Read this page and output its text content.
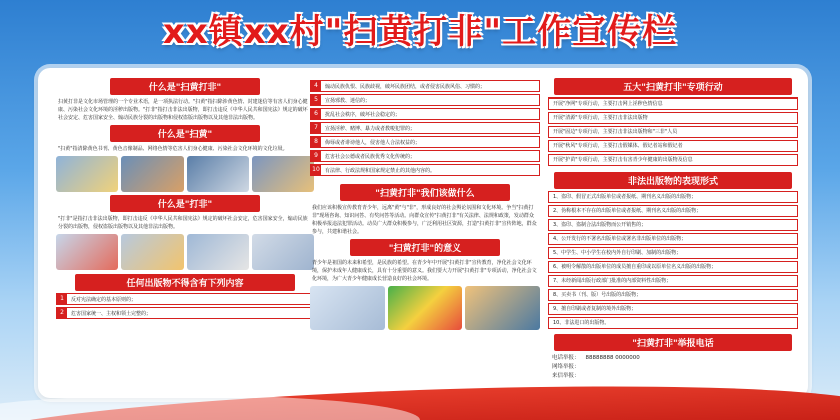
xx镇xx村"扫黄打非"工作宣传栏
什么是"扫黄打非"
扫黄打非是文化市场管理的一个专业术语，是一项执法行动。"扫黄"指扫除涉黄色情、封建迷信等有害人们身心健康、污染社会文化环境的淫秽出版物。"打非"指打击非法出版物，即打击违反《中华人民共和国宪法》规定的破坏社会安定、危害国家安全、煽动民族分裂的出版物和侵权盗版出版物以及其他非法出版物。
什么是"扫黄"
"扫黄"指清除黄色书刊、黄色音像制品、网络色情等危害人们身心健康、污染社会文化环境的文化垃圾。
什么是"打非"
"打非"是指打击非法出版物，即打击违反《中华人民共和国宪法》规定的破坏社会安定，危害国家安全，煽动民族分裂的出版物，侵权盗版出版物以及其他非法出版物。
任何出版物不得含有下列内容
1	反对宪法确定的基本原则的；
2	危害国家统一、主权和领土完整的；
4	煽动民族仇恨、民族歧视，破坏民族团结，或者侵害民族风俗、习惯的；
5	宣扬邪教、迷信的；
6	扰乱社会秩序，破坏社会稳定的；
7	宣扬淫秽、赌博、暴力或者教唆犯罪的；
8	侮辱或者诽谤他人，侵害他人合法权益的；
9	危害社会公德或者民族优秀文化传统的；
10 有法律、行政法规和国家规定禁止的其他内容的。
"扫黄打非"我们该做什么
我们应该积极宣传教育青少年，远离"黄"与"非"，形成良好的社会舆论氛围和文化环境。争当"扫黄打非"现场咨询、知识问答、有奖问答等活动。向群众宣传"扫黄打非"有关法律、法规和政策，发动群众积极举报违法犯罪活动。动员广大群众积极参与，广泛利用社区资源，打造"扫黄打非"宣传阵地，群众参与，共建和谐社会。
"扫黄打非"的意义
青少年是祖国的未来和希望，是民族的希望。在青少年中开展"扫黄打非"宣传教育，净化社会文化环境，保护未成年人健康成长，具有十分重要的意义。我们要大力开展"扫黄打非"专项活动，净化社会文化环境，为广大青少年健康成长营造良好的社会环境。
五大"扫黄打非"专项行动
开展"净网"专项行动，主要打击网上淫秽色情信息
开展"清源"专项行动，主要打击非法出版物
开展"固边"专项行动，主要打击非法出版物和"三非"人员
开展"秋风"专项行动，主要打击假媒体、假记者站和假记者
开展"护苗"专项行动，主要打击有害青少年健康的出版物及信息
非法出版物的表现形式
1、盗印、假冒正式出版单位或者报纸、期刊名义出版的出版物；
2、伪称根本不存在的出版单位或者报纸、期刊名义出版的出版物；
3、盗印、盗制合法出版物而公开销售的；
4、公开发行的不署名出版单位或署名非出版单位的出版物；
5、中学生、中小学生在校内外自行印刷、加制的出版物；
6、被明令解散的出版单位的成员擅自重印或以原单位名义出版的出版物；
7、未经新闻出版行政部门批准的内部资料性出版物；
8、买卖书（刊、版）号出版的出版物；
9、擅自印刷或者复制的境外出版物；
10、非法进口的出版物。
"扫黄打非"举报电话
电话举报： 88888888 0000000
网络举报：
来信举报：
